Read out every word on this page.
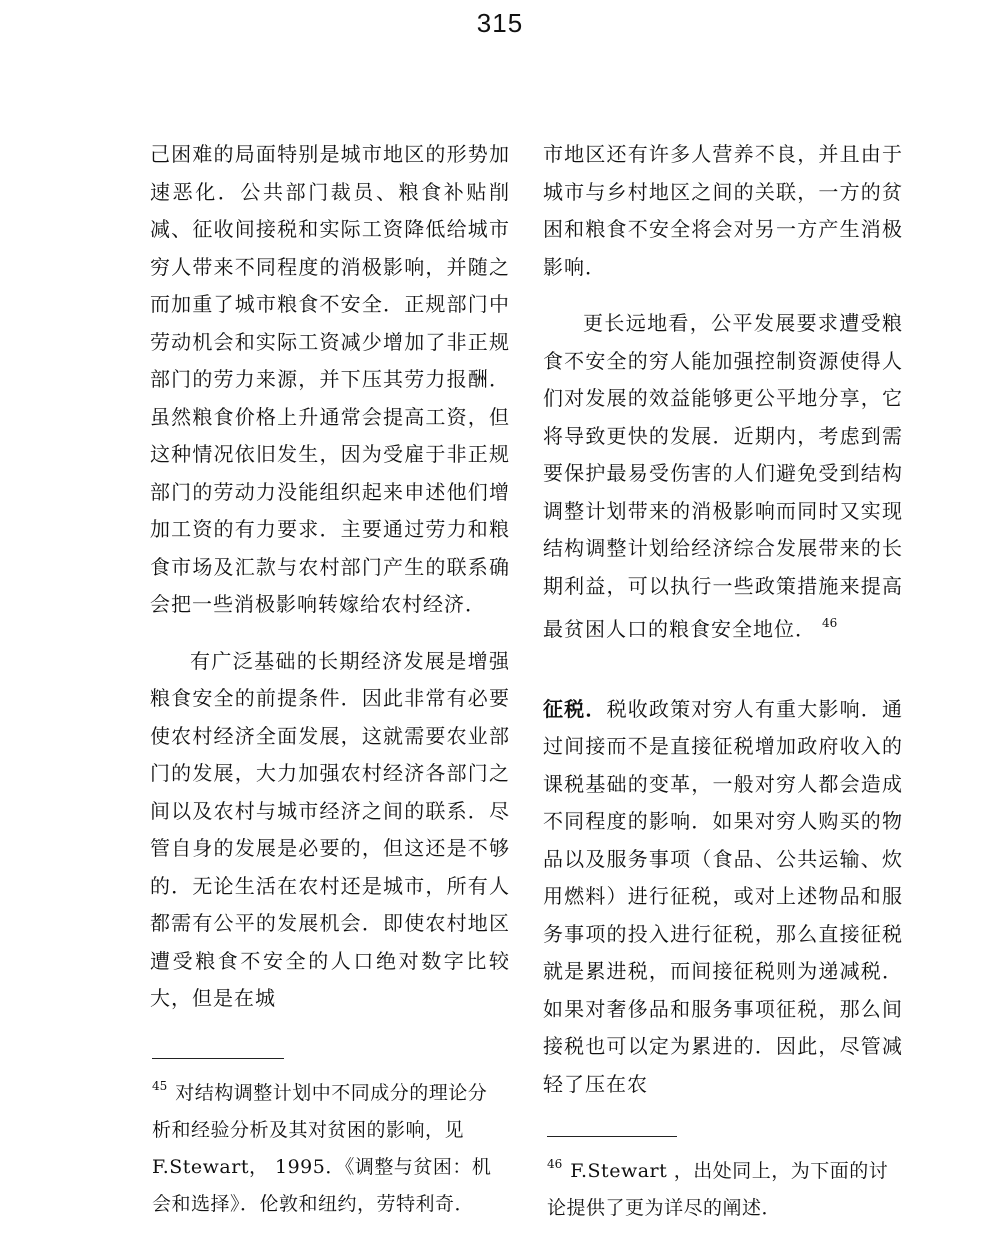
315

己困难的局面特别是城市地区的形势加速恶化．公共部门裁员、粮食补贴削减、征收间接税和实际工资降低给城市穷人带来不同程度的消极影响，并随之而加重了城市粮食不安全．正规部门中劳动机会和实际工资减少增加了非正规部门的劳力来源，并下压其劳力报酬．虽然粮食价格上升通常会提高工资，但这种情况依旧发生，因为受雇于非正规部门的劳动力没能组织起来申述他们增加工资的有力要求．主要通过劳力和粮食市场及汇款与农村部门产生的联系确会把一些消极影响转嫁给农村经济．

有广泛基础的长期经济发展是增强粮食安全的前提条件．因此非常有必要使农村经济全面发展，这就需要农业部门的发展，大力加强农村经济各部门之间以及农村与城市经济之间的联系．尽管自身的发展是必要的，但这还是不够的．无论生活在农村还是城市，所有人都需有公平的发展机会．即使农村地区遭受粮食不安全的人口绝对数字比较大，但是在城

市地区还有许多人营养不良，并且由于城市与乡村地区之间的关联，一方的贫困和粮食不安全将会对另一方产生消极影响．

更长远地看，公平发展要求遭受粮食不安全的穷人能加强控制资源使得人们对发展的效益能够更公平地分享，它将导致更快的发展．近期内，考虑到需要保护最易受伤害的人们避免受到结构调整计划带来的消极影响而同时又实现结构调整计划给经济综合发展带来的长期利益，可以执行一些政策措施来提高最贫困人口的粮食安全地位． $^{46}$

征税．税收政策对穷人有重大影响．通过间接而不是直接征税增加政府收入的课税基础的变革，一般对穷人都会造成不同程度的影响．如果对穷人购买的物品以及服务事项（食品、公共运输、炊用燃料）进行征税，或对上述物品和服务事项的投入进行征税，那么直接征税就是累进税，而间接征税则为递减税．如果对奢侈品和服务事项征税，那么间接税也可以定为累进的．因此，尽管减轻了压在农

$^{45}$ 对结构调整计划中不同成分的理论分析和经验分析及其对贫困的影响，见 F.Stewart， 1995．《调整与贫困：机会和选择》．伦敦和纽约，劳特利奇．
$^{46}$ F.Stewart ，出处同上，为下面的讨论提供了更为详尽的阐述．
